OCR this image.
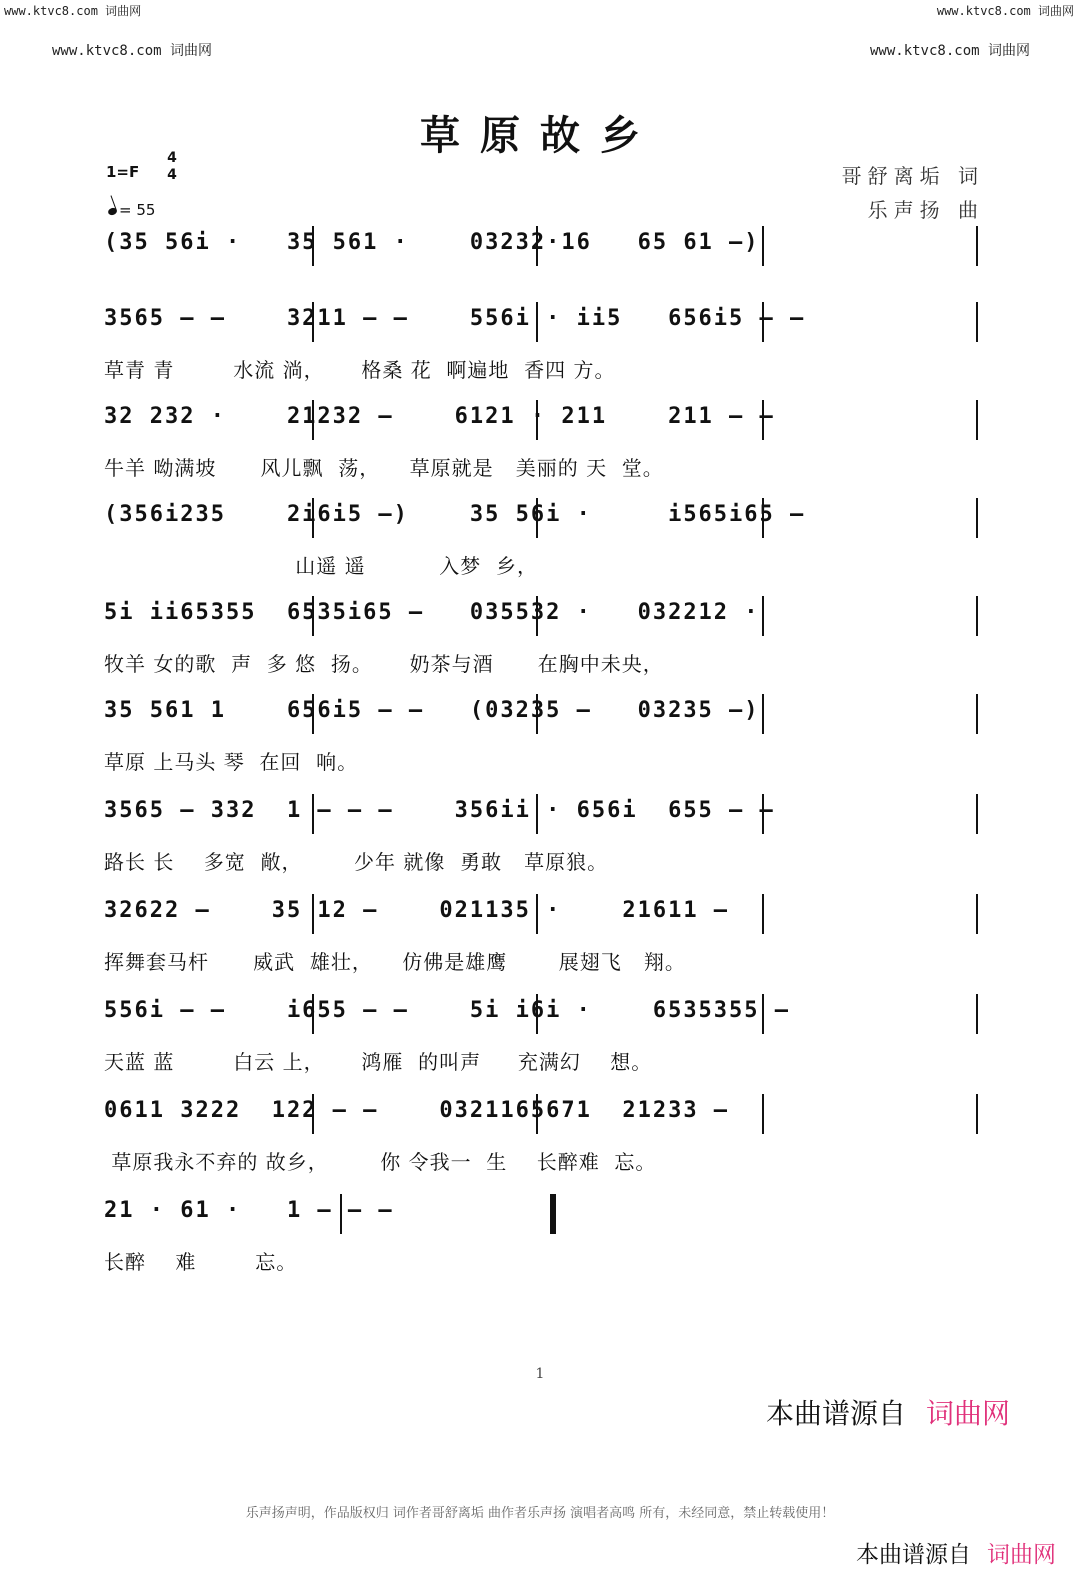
www.ktvc8.com 词曲网	www.ktvc8.com 词曲网
www.ktvc8.com 词曲网	www.ktvc8.com 词曲网
草原故乡
1=F
4
4
= 55
哥舒离垢 词
乐声扬 曲
(35 56i ·   35 561 ·    03232·16   65 61 –)
3565 – –    3211 – –    556i · ii5   656i5 – –
草青 青        水流 淌，     格桑 花  啊遍地  香四 方。
32 232 ·    21232 –    6121 · 211    211 – –
牛羊 呦满坡      风儿飘  荡，    草原就是   美丽的 天  堂。
(356i235    2i6i5 –)    35 56i ·     i565i65 –
山遥 遥          入梦  乡，
5i ii65355  6535i65 –   035532 ·   032212 ·
牧羊 女的歌  声  多 悠  扬。     奶茶与酒      在胸中未央，
35 561 1    656i5 – –   (03235 –   03235 –)
草原 上马头 琴  在回  响。
3565 – 332  1 – – –    356ii · 656i  655 – –
路长 长    多宽  敞，       少年 就像  勇敢   草原狼。
32622 –    35 12 –    021135 ·    21611 –
挥舞套马杆      威武  雄壮，    仿佛是雄鹰       展翅飞   翔。
556i – –    i655 – –    5i i6i ·    6535355 –
天蓝 蓝        白云 上，     鸿雁  的叫声     充满幻    想。
0611 3222  122 – –    0321165671  21233 –
草原我永不弃的 故乡，       你 令我一  生    长醉难  忘。
21 · 61 ·   1 – – –
长醉    难        忘。
1
本曲谱源自 词曲网
乐声扬声明，作品版权归 词作者哥舒离垢 曲作者乐声扬 演唱者高鸣 所有，未经同意，禁止转载使用！
本曲谱源自 词曲网
